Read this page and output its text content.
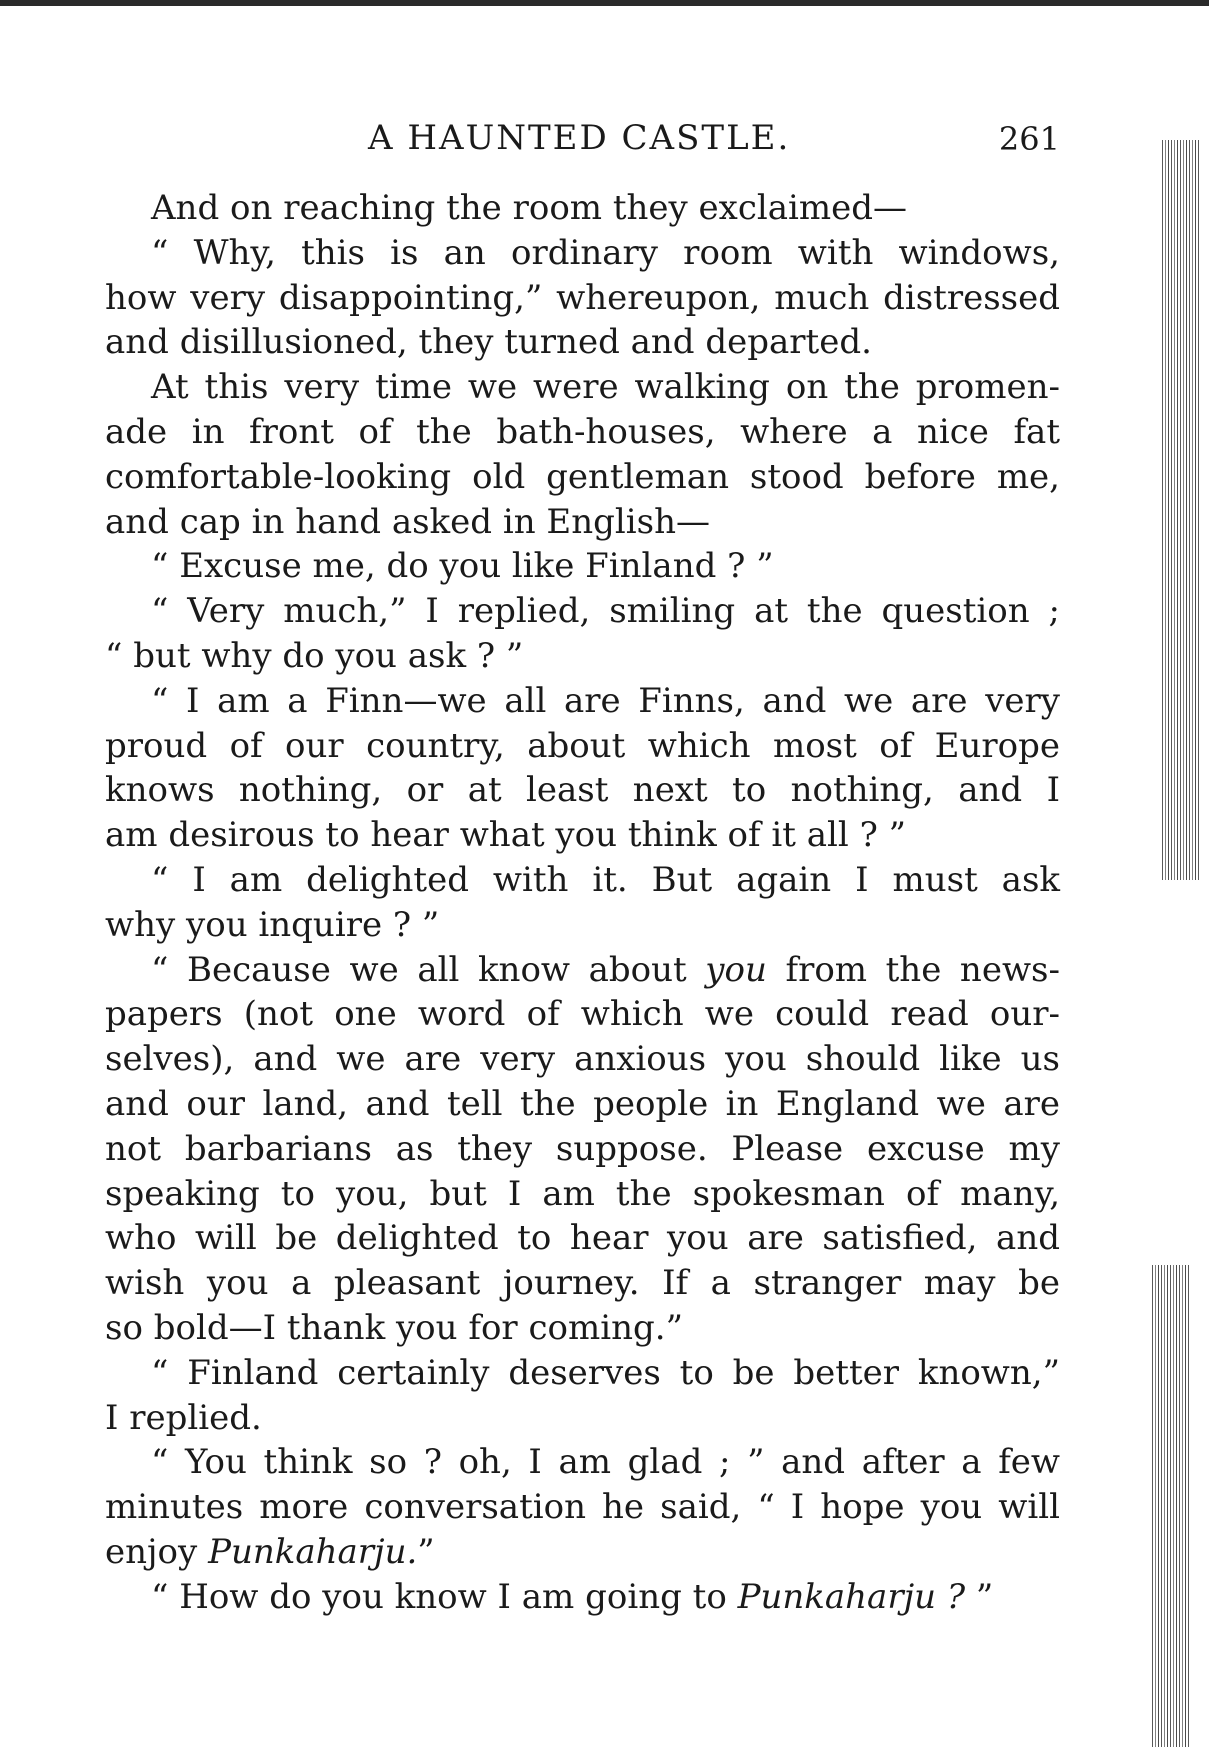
A HAUNTED CASTLE.	261
And on reaching the room they exclaimed—
“ Why, this is an ordinary room with windows,
how very disappointing,” whereupon, much distressed
and disillusioned, they turned and departed.
At this very time we were walking on the promen-
ade in front of the bath-houses, where a nice fat
comfortable-looking old gentleman stood before me,
and cap in hand asked in English—
“ Excuse me, do you like Finland ? ”
“ Very much,” I replied, smiling at the question ;
“ but why do you ask ? ”
“ I am a Finn—we all are Finns, and we are very
proud of our country, about which most of Europe
knows nothing, or at least next to nothing, and I
am desirous to hear what you think of it all ? ”
“ I am delighted with it. But again I must ask
why you inquire ? ”
“ Because we all know about you from the news-
papers (not one word of which we could read our-
selves), and we are very anxious you should like us
and our land, and tell the people in England we are
not barbarians as they suppose. Please excuse my
speaking to you, but I am the spokesman of many,
who will be delighted to hear you are satisfied, and
wish you a pleasant journey. If a stranger may be
so bold—I thank you for coming.”
“ Finland certainly deserves to be better known,”
I replied.
“ You think so ? oh, I am glad ; ” and after a few
minutes more conversation he said, “ I hope you will
enjoy Punkaharju.”
“ How do you know I am going to Punkaharju ? ”
